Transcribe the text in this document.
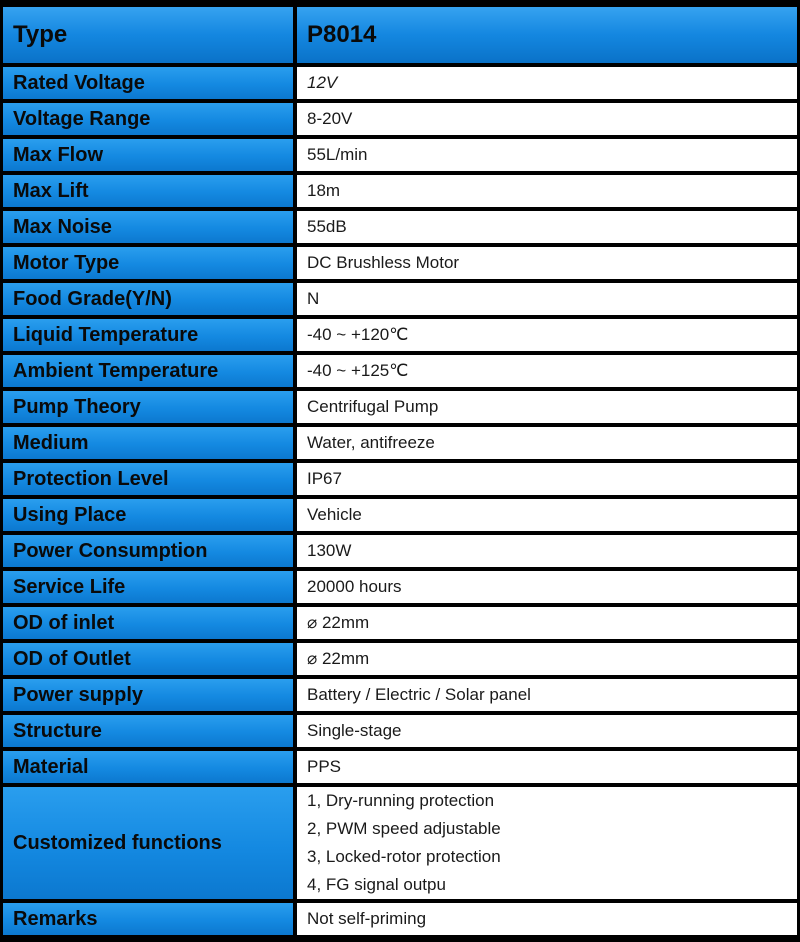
Type		P8014
Rated Voltage		12V
Voltage Range		8-20V
Max Flow		55L/min
Max Lift		18m
Max Noise		55dB
Motor Type		DC Brushless Motor
Food Grade(Y/N)		N
Liquid Temperature		-40 ~ +120℃
Ambient Temperature		-40 ~ +125℃
Pump Theory		Centrifugal Pump
Medium		Water, antifreeze
Protection Level		IP67
Using Place		Vehicle
Power Consumption		130W
Service Life		20000 hours
OD of inlet		⌀ 22mm
OD of Outlet		⌀ 22mm
Power supply		Battery / Electric / Solar panel
Structure		Single-stage
Material		PPS
Customized functions		1, Dry-running protection
2, PWM speed adjustable
3, Locked-rotor protection
4, FG signal outpu

Remarks		Not self-priming
